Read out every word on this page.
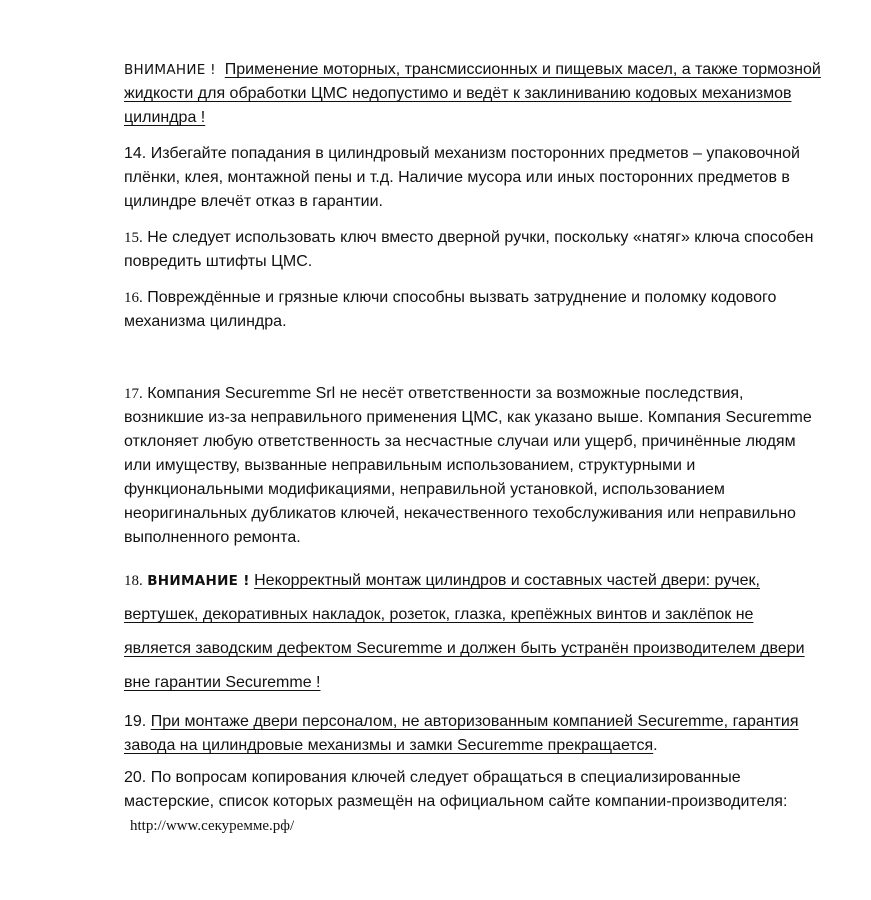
ВНИМАНИЕ ! Применение моторных, трансмиссионных и пищевых масел, а также тормозной жидкости для обработки ЦМС недопустимо и ведёт к заклиниванию кодовых механизмов цилиндра !

14. Избегайте попадания в цилиндровый механизм посторонних предметов – упаковочной плёнки, клея, монтажной пены и т.д. Наличие мусора или иных посторонних предметов в цилиндре влечёт отказ в гарантии.

15. Не следует использовать ключ вместо дверной ручки, поскольку «натяг» ключа способен повредить штифты ЦМС.

16. Повреждённые и грязные ключи способны вызвать затруднение и поломку кодового механизма цилиндра.

17. Компания Securemme Srl не несёт ответственности за возможные последствия, возникшие из-за неправильного применения ЦМС, как указано выше. Компания Securemme отклоняет любую ответственность за несчастные случаи или ущерб, причинённые людям или имуществу, вызванные неправильным использованием, структурными и функциональными модификациями, неправильной установкой, использованием неоригинальных дубликатов ключей, некачественного техобслуживания или неправильно выполненного ремонта.

18. ВНИМАНИЕ ! Некорректный монтаж цилиндров и составных частей двери: ручек, вертушек, декоративных накладок, розеток, глазка, крепёжных винтов и заклёпок не является заводским дефектом Securemme и должен быть устранён производителем двери вне гарантии Securemme !

19. При монтаже двери персоналом, не авторизованным компанией Securemme, гарантия завода на цилиндровые механизмы и замки Securemme прекращается.

20. По вопросам копирования ключей следует обращаться в специализированные мастерские, список которых размещён на официальном сайте компании-производителя: http://www.секуремме.рф/
